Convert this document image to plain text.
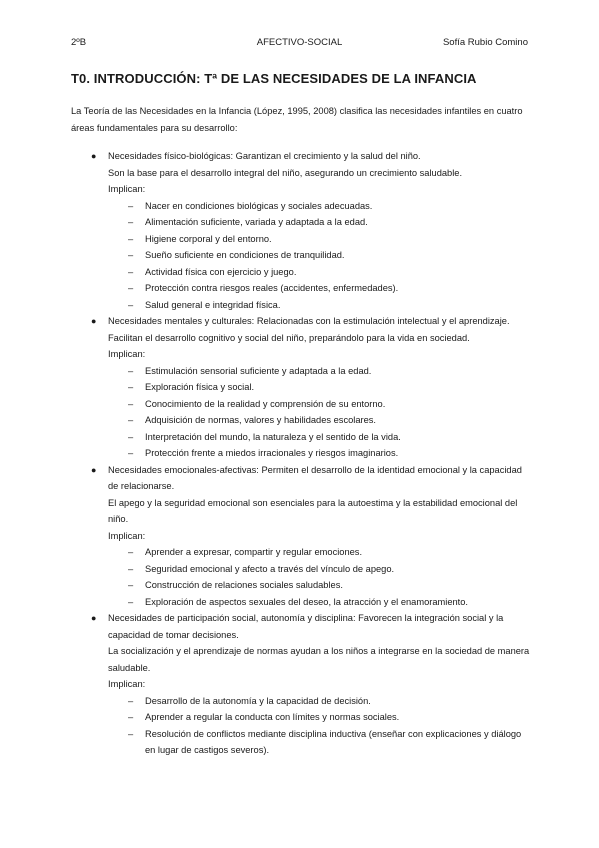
2ºB	AFECTIVO-SOCIAL	Sofía Rubio Comino
T0. INTRODUCCIÓN: Tª DE LAS NECESIDADES DE LA INFANCIA
La Teoría de las Necesidades en la Infancia (López, 1995, 2008) clasifica las necesidades infantiles en cuatro áreas fundamentales para su desarrollo:
● Necesidades físico-biológicas: Garantizan el crecimiento y la salud del niño.
Son la base para el desarrollo integral del niño, asegurando un crecimiento saludable.
Implican:
– Nacer en condiciones biológicas y sociales adecuadas.
– Alimentación suficiente, variada y adaptada a la edad.
– Higiene corporal y del entorno.
– Sueño suficiente en condiciones de tranquilidad.
– Actividad física con ejercicio y juego.
– Protección contra riesgos reales (accidentes, enfermedades).
– Salud general e integridad física.
● Necesidades mentales y culturales: Relacionadas con la estimulación intelectual y el aprendizaje.
Facilitan el desarrollo cognitivo y social del niño, preparándolo para la vida en sociedad.
Implican:
– Estimulación sensorial suficiente y adaptada a la edad.
– Exploración física y social.
– Conocimiento de la realidad y comprensión de su entorno.
– Adquisición de normas, valores y habilidades escolares.
– Interpretación del mundo, la naturaleza y el sentido de la vida.
– Protección frente a miedos irracionales y riesgos imaginarios.
● Necesidades emocionales-afectivas: Permiten el desarrollo de la identidad emocional y la capacidad de relacionarse.
El apego y la seguridad emocional son esenciales para la autoestima y la estabilidad emocional del niño.
Implican:
– Aprender a expresar, compartir y regular emociones.
– Seguridad emocional y afecto a través del vínculo de apego.
– Construcción de relaciones sociales saludables.
– Exploración de aspectos sexuales del deseo, la atracción y el enamoramiento.
● Necesidades de participación social, autonomía y disciplina: Favorecen la integración social y la capacidad de tomar decisiones.
La socialización y el aprendizaje de normas ayudan a los niños a integrarse en la sociedad de manera saludable.
Implican:
– Desarrollo de la autonomía y la capacidad de decisión.
– Aprender a regular la conducta con límites y normas sociales.
– Resolución de conflictos mediante disciplina inductiva (enseñar con explicaciones y diálogo en lugar de castigos severos).
